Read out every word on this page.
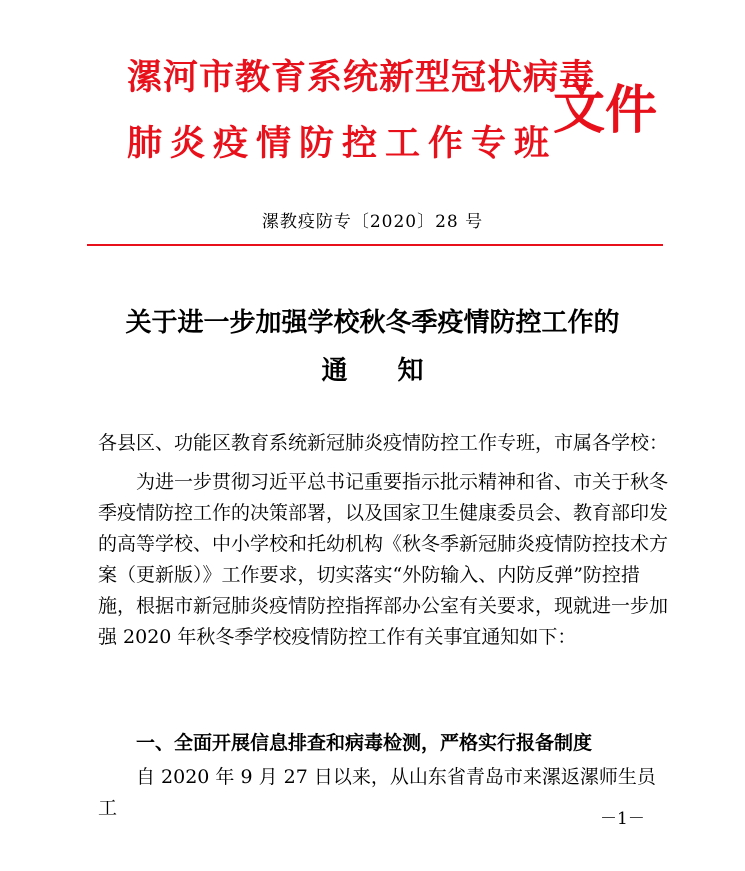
漯河市教育系统新型冠状病毒
肺炎疫情防控工作专班
文件
漯教疫防专〔2020〕28 号
关于进一步加强学校秋冬季疫情防控工作的
通知
各县区、功能区教育系统新冠肺炎疫情防控工作专班，市属各学校：

为进一步贯彻习近平总书记重要指示批示精神和省、市关于秋冬季疫情防控工作的决策部署，以及国家卫生健康委员会、教育部印发的高等学校、中小学校和托幼机构《秋冬季新冠肺炎疫情防控技术方案（更新版）》工作要求，切实落实“外防输入、内防反弹”防控措施，根据市新冠肺炎疫情防控指挥部办公室有关要求，现就进一步加强 2020 年秋冬季学校疫情防控工作有关事宜通知如下：

一、全面开展信息排查和病毒检测，严格实行报备制度

自 2020 年 9 月 27 日以来，从山东省青岛市来漯返漯师生员工	－1－
